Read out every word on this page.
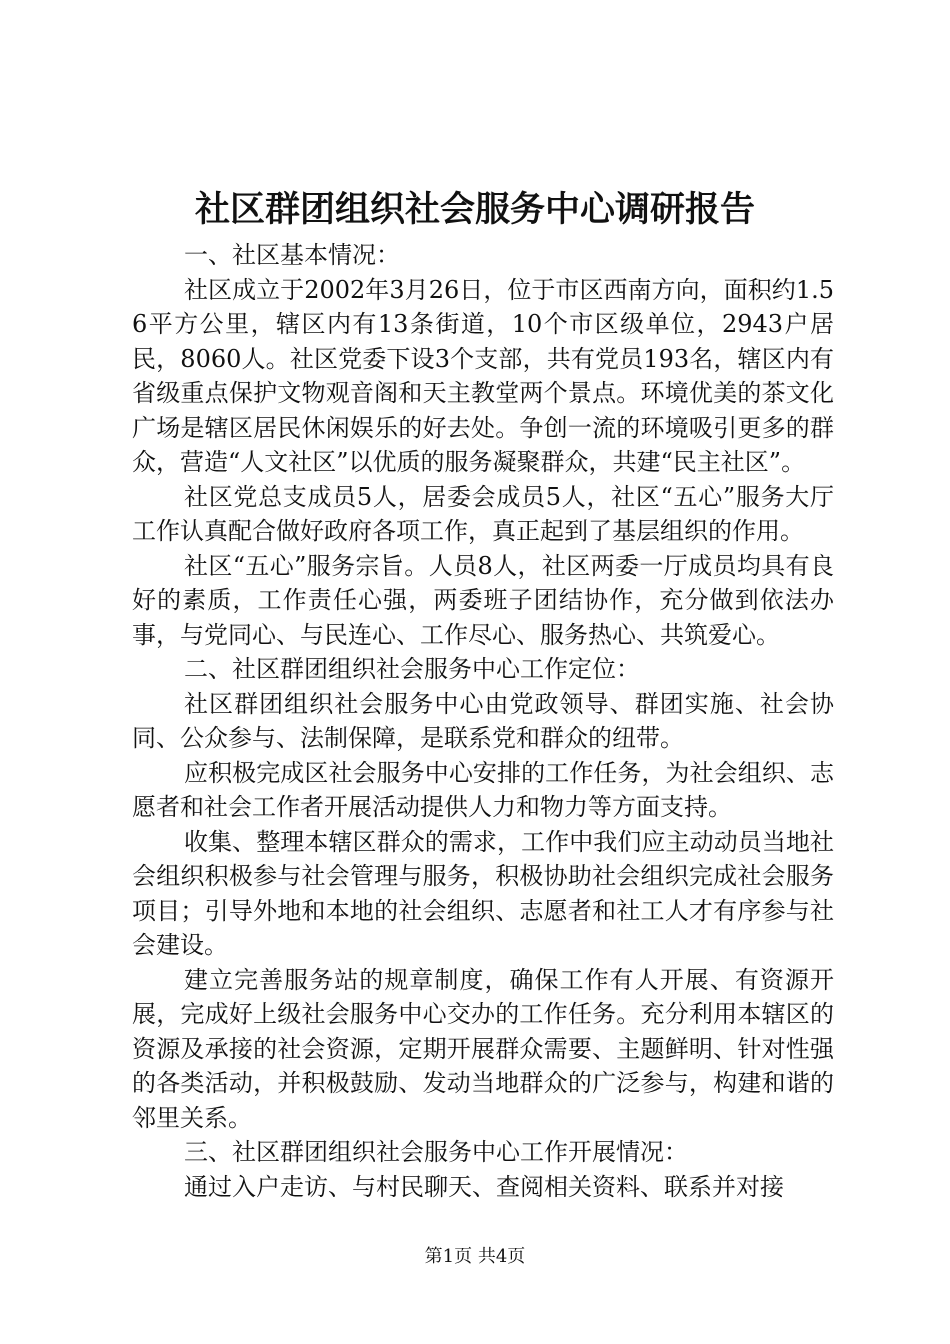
社区群团组织社会服务中心调研报告

一、社区基本情况：

社区成立于2002年3月26日，位于市区西南方向，面积约1.56平方公里，辖区内有13条街道，10个市区级单位，2943户居民，8060人。社区党委下设3个支部，共有党员193名，辖区内有省级重点保护文物观音阁和天主教堂两个景点。环境优美的茶文化广场是辖区居民休闲娱乐的好去处。争创一流的环境吸引更多的群众，营造“人文社区”以优质的服务凝聚群众，共建“民主社区”。

社区党总支成员5人，居委会成员5人，社区“五心”服务大厅工作认真配合做好政府各项工作，真正起到了基层组织的作用。

社区“五心”服务宗旨。人员8人，社区两委一厅成员均具有良好的素质，工作责任心强，两委班子团结协作，充分做到依法办事，与党同心、与民连心、工作尽心、服务热心、共筑爱心。

二、社区群团组织社会服务中心工作定位：

社区群团组织社会服务中心由党政领导、群团实施、社会协同、公众参与、法制保障，是联系党和群众的纽带。

应积极完成区社会服务中心安排的工作任务，为社会组织、志愿者和社会工作者开展活动提供人力和物力等方面支持。

收集、整理本辖区群众的需求，工作中我们应主动动员当地社会组织积极参与社会管理与服务，积极协助社会组织完成社会服务项目；引导外地和本地的社会组织、志愿者和社工人才有序参与社会建设。

建立完善服务站的规章制度，确保工作有人开展、有资源开展，完成好上级社会服务中心交办的工作任务。充分利用本辖区的资源及承接的社会资源，定期开展群众需要、主题鲜明、针对性强的各类活动，并积极鼓励、发动当地群众的广泛参与，构建和谐的邻里关系。

三、社区群团组织社会服务中心工作开展情况：

通过入户走访、与村民聊天、查阅相关资料、联系并对接

第1页 共4页
